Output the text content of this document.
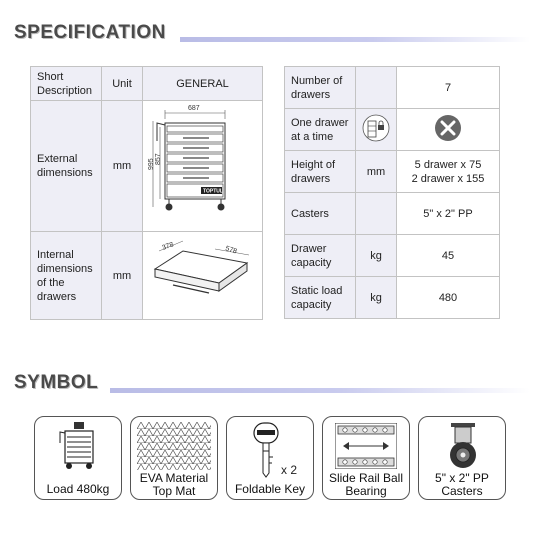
SPECIFICATION
Short Description	Unit	GENERAL
External dimensions	mm	687
995 857
TOPTUL

Internal dimensions of the drawers	mm	378 578
Number of drawers		7
One drawer at a time		
Height of drawers	mm	5 drawer x 75
2 drawer x 155

Casters		5" x 2" PP
Drawer capacity	kg	45
Static load capacity	kg	480
SYMBOL
Load 480kg
EVA Material
Top Mat
x 2
Foldable Key
Slide Rail Ball
Bearing
5" x 2" PP
Casters
